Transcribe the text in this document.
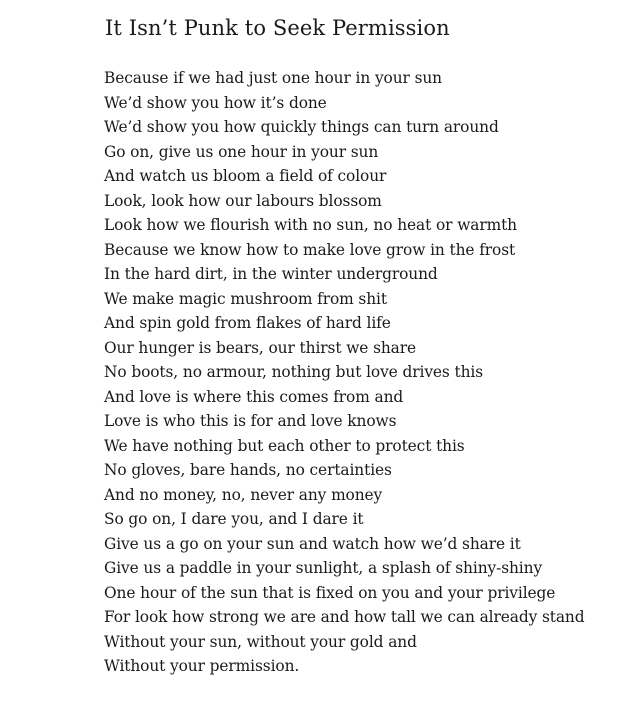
It Isn’t Punk to Seek Permission
Because if we had just one hour in your sun
We’d show you how it’s done
We’d show you how quickly things can turn around
Go on, give us one hour in your sun
And watch us bloom a field of colour
Look, look how our labours blossom
Look how we flourish with no sun, no heat or warmth
Because we know how to make love grow in the frost
In the hard dirt, in the winter underground
We make magic mushroom from shit
And spin gold from flakes of hard life
Our hunger is bears, our thirst we share
No boots, no armour, nothing but love drives this
And love is where this comes from and
Love is who this is for and love knows
We have nothing but each other to protect this
No gloves, bare hands, no certainties
And no money, no, never any money
So go on, I dare you, and I dare it
Give us a go on your sun and watch how we’d share it
Give us a paddle in your sunlight, a splash of shiny-shiny
One hour of the sun that is fixed on you and your privilege
For look how strong we are and how tall we can already stand
Without your sun, without your gold and
Without your permission.
